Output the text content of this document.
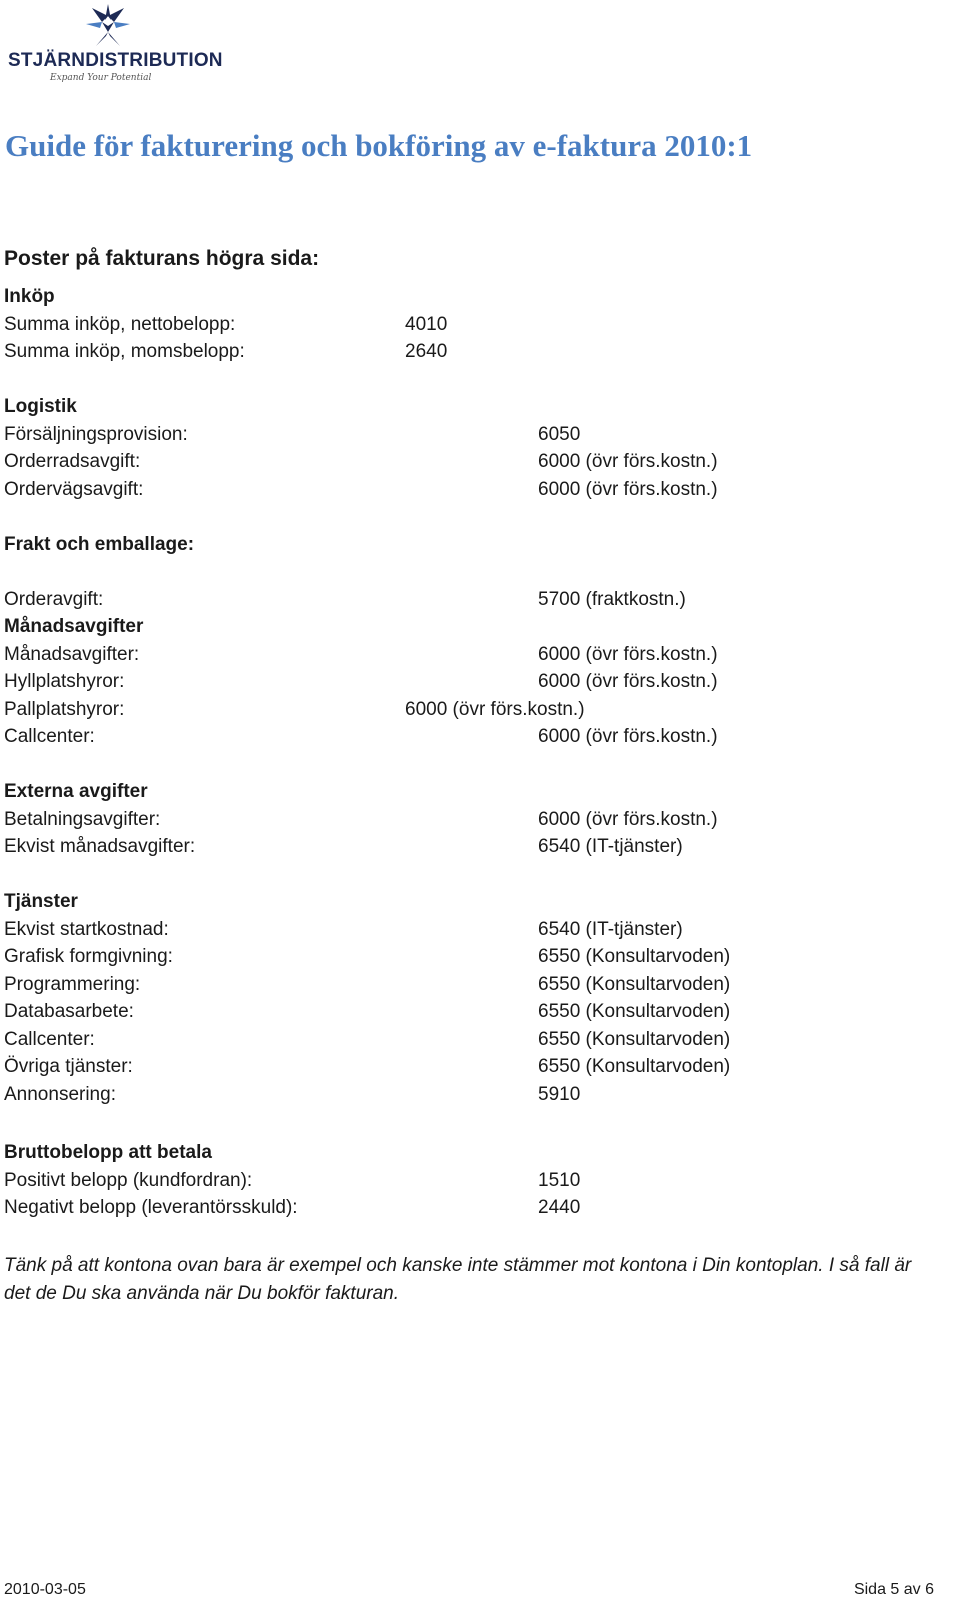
STJÄRNDISTRIBUTION
Expand Your Potential
Guide för fakturering och bokföring av e-faktura 2010:1
Poster på fakturans högra sida:
Inköp
Summa inköp, nettobelopp:	4010
Summa inköp, momsbelopp:	2640
Logistik
Försäljningsprovision:	6050
Orderradsavgift:	6000 (övr förs.kostn.)
Ordervägsavgift:	6000 (övr förs.kostn.)
Frakt och emballage:
Orderavgift:	5700 (fraktkostn.)
Månadsavgifter
Månadsavgifter:	6000 (övr förs.kostn.)
Hyllplatshyror:	6000 (övr förs.kostn.)
Pallplatshyror:	6000 (övr förs.kostn.)
Callcenter:	6000 (övr förs.kostn.)
Externa avgifter
Betalningsavgifter:	6000 (övr förs.kostn.)
Ekvist månadsavgifter:	6540 (IT-tjänster)
Tjänster
Ekvist startkostnad:	6540 (IT-tjänster)
Grafisk formgivning:	6550 (Konsultarvoden)
Programmering:	6550 (Konsultarvoden)
Databasarbete:	6550 (Konsultarvoden)
Callcenter:	6550 (Konsultarvoden)
Övriga tjänster:	6550 (Konsultarvoden)
Annonsering:	5910
Bruttobelopp att betala
Positivt belopp (kundfordran):	1510
Negativt belopp (leverantörsskuld):	2440
Tänk på att kontona ovan bara är exempel och kanske inte stämmer mot kontona i Din kontoplan. I så fall är det de Du ska använda när Du bokför fakturan.
2010-03-05	Sida 5 av 6
